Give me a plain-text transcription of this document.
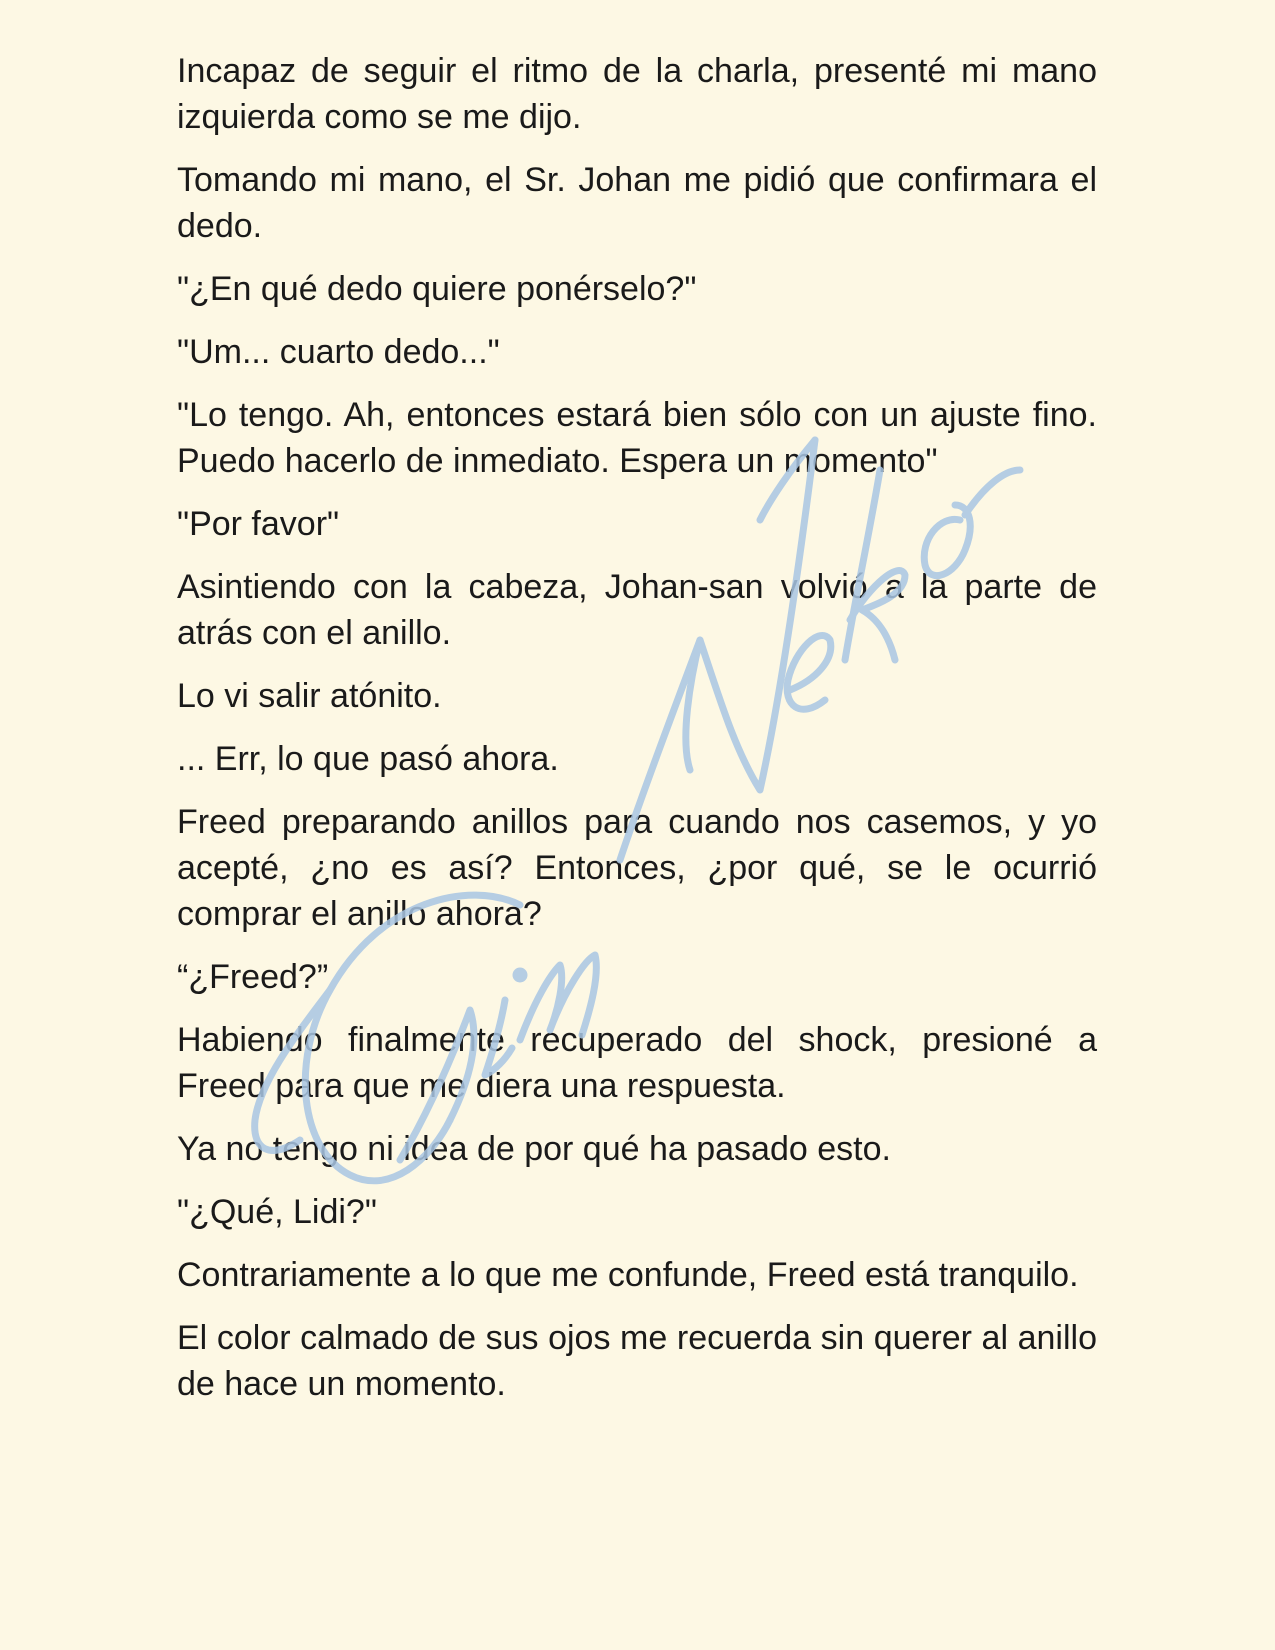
Incapaz de seguir el ritmo de la charla, presenté mi mano izquierda como se me dijo.

Tomando mi mano, el Sr. Johan me pidió que confirmara el dedo.

"¿En qué dedo quiere ponérselo?"

"Um... cuarto dedo..."

"Lo tengo. Ah, entonces estará bien sólo con un ajuste fino. Puedo hacerlo de inmediato. Espera un momento"

"Por favor"

Asintiendo con la cabeza, Johan-san volvió a la parte de atrás con el anillo.

Lo vi salir atónito.

... Err, lo que pasó ahora.

Freed preparando anillos para cuando nos casemos, y yo acepté, ¿no es así? Entonces, ¿por qué, se le ocurrió comprar el anillo ahora?

“¿Freed?”

Habiendo finalmente recuperado del shock, presioné a Freed para que me diera una respuesta.

Ya no tengo ni idea de por qué ha pasado esto.

"¿Qué, Lidi?"

Contrariamente a lo que me confunde, Freed está tranquilo.

El color calmado de sus ojos me recuerda sin querer al anillo de hace un momento.
